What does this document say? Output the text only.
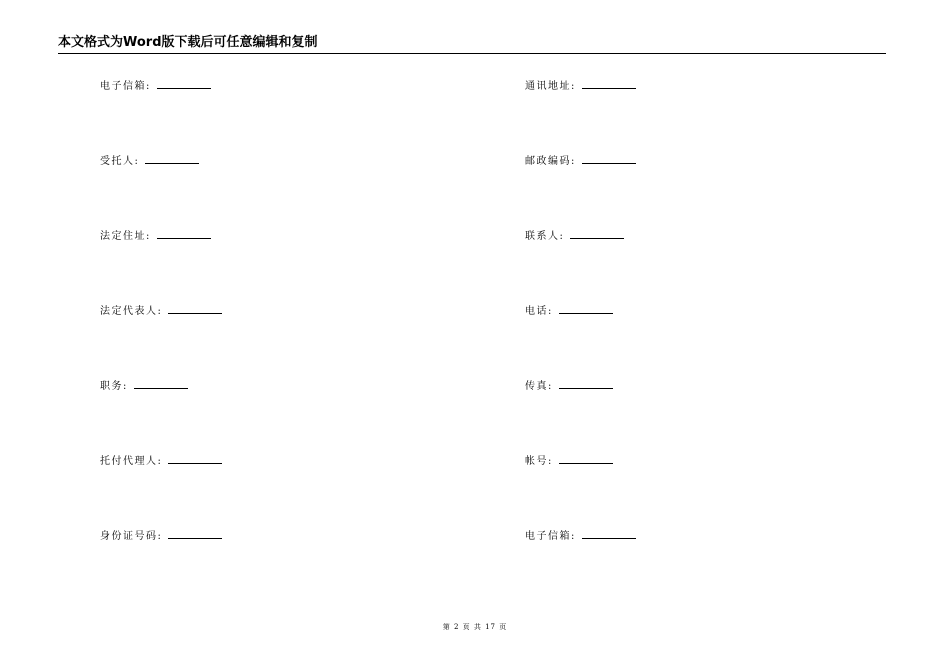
本文格式为Word版下载后可任意编辑和复制
电子信箱:
受托人:
法定住址:
法定代表人:
职务:
托付代理人:
身份证号码:
通讯地址:
邮政编码:
联系人:
电话:
传真:
帐号:
电子信箱:
第 2 页 共 17 页
